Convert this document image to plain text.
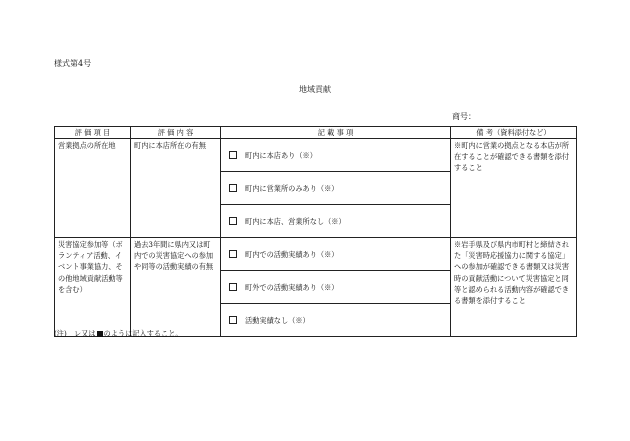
様式第4号
地域貢献
商号：
評 価 項 目	評 価 内 容	記 載 事 項	備 考（資料添付など）
営業拠点の所在地	町内に本店所在の有無	町内に本店あり（※）	※町内に営業の拠点となる本店が所在することが確認できる書類を添付すること
		町内に営業所のみあり（※）	
		町内に本店、営業所なし（※）	
災害協定参加等（ボランティア活動、イベント事業協力、その他地域貢献活動等を含む）	過去3年間に県内又は町内での災害協定への参加や同等の活動実績の有無	町内での活動実績あり（※）	※岩手県及び県内市町村と締結された「災害時応援協力に関する協定」への参加が確認できる書類又は災害時の貢献活動について災害協定と同等と認められる活動内容が確認できる書類を添付すること
		町外での活動実績あり（※）	
		活動実績なし（※）	
(注)　レ又は のように記入すること。
